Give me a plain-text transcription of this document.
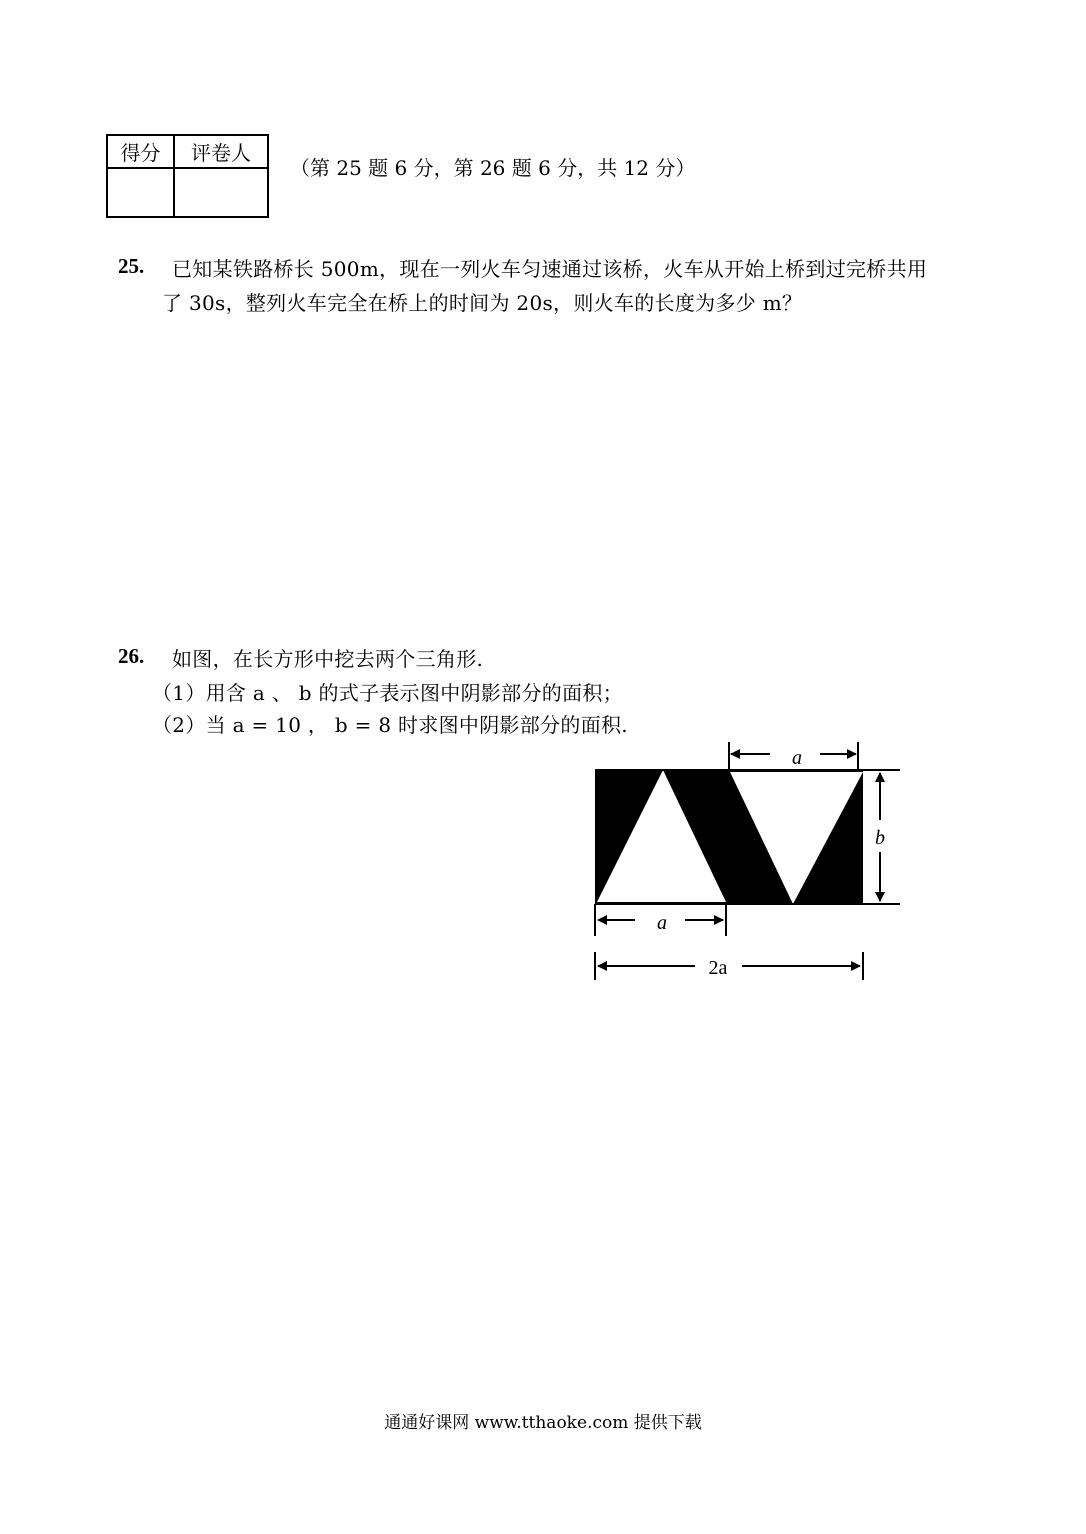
得分	评卷人

（第 25 题 6 分，第 26 题 6 分，共 12 分）
25. 已知某铁路桥长 500m，现在一列火车匀速通过该桥，火车从开始上桥到过完桥共用
了 30s，整列火车完全在桥上的时间为 20s，则火车的长度为多少 m？
26. 如图，在长方形中挖去两个三角形.
（1）用含 a 、 b 的式子表示图中阴影部分的面积；
（2）当 a = 10 ， b = 8 时求图中阴影部分的面积.
a
b
a
2a
通通好课网 www.tthaoke.com 提供下载
